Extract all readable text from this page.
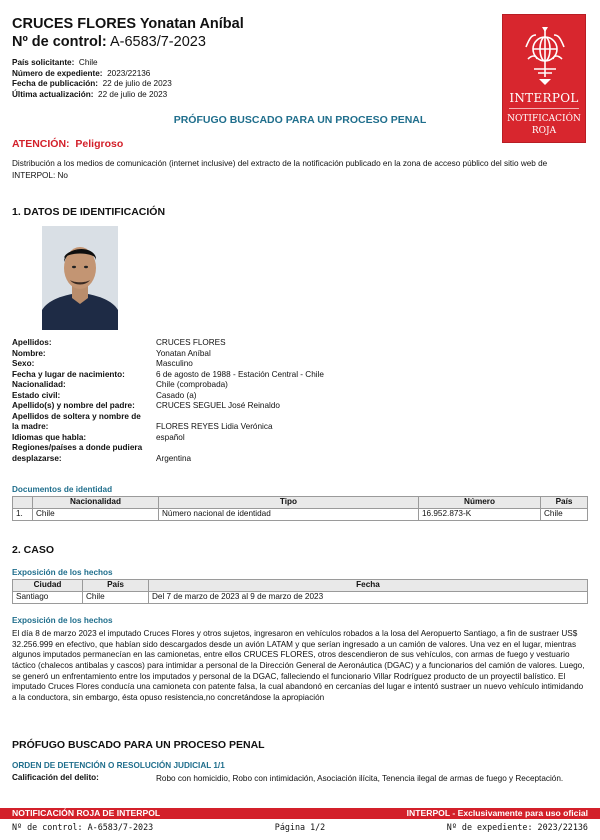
CRUCES FLORES Yonatan Aníbal
Nº de control: A-6583/7-2023
País solicitante: Chile
Número de expediente: 2023/22136
Fecha de publicación: 22 de julio de 2023
Última actualización: 22 de julio de 2023	INTERPOL
NOTIFICACIÓN
ROJA
PRÓFUGO BUSCADO PARA UN PROCESO PENAL
ATENCIÓN: Peligroso
Distribución a los medios de comunicación (internet inclusive) del extracto de la notificación publicado en la zona de acceso público del sitio web de INTERPOL: No
1. DATOS DE IDENTIFICACIÓN
Apellidos:	CRUCES FLORES
Nombre:	Yonatan Aníbal
Sexo:	Masculino
Fecha y lugar de nacimiento:	6 de agosto de 1988 - Estación Central - Chile
Nacionalidad:	Chile (comprobada)
Estado civil:	Casado (a)
Apellido(s) y nombre del padre:	CRUCES SEGUEL José Reinaldo
Apellidos de soltera y nombre de la madre:	FLORES REYES Lidia Verónica
Idiomas que habla:	español
Regiones/países a donde pudiera desplazarse:	Argentina
Documentos de identidad
	Nacionalidad	Tipo	Número	País
1.	Chile	Número nacional de identidad	16.952.873-K	Chile
2. CASO
Exposición de los hechos
Ciudad	País	Fecha
Santiago	Chile	Del 7 de marzo de 2023 al 9 de marzo de 2023
Exposición de los hechos
El día 8 de marzo 2023 el imputado Cruces Flores y otros sujetos, ingresaron en vehículos robados a la losa del Aeropuerto Santiago, a fin de sustraer US$ 32.256.999 en efectivo, que habían sido descargados desde un avión LATAM y que serían ingresado a un camión de valores. Una vez en el lugar, mientras algunos imputados permanecían en las camionetas, entre ellos CRUCES FLORES, otros descendieron de sus vehículos, con armas de fuego y vestuario táctico (chalecos antibalas y cascos) para intimidar a personal de la Dirección General de Aeronáutica (DGAC) y a funcionarios del camión de valores. Luego, se generó un enfrentamiento entre los imputados y personal de la DGAC, falleciendo el funcionario Villar Rodríguez producto de un proyectil balístico. El imputado Cruces Flores conducía una camioneta con patente falsa, la cual abandonó en cercanías del lugar e intentó sustraer un nuevo vehículo intimidando a la conductora, sin embargo, ésta opuso resistencia,no concretándose la apropiación
PRÓFUGO BUSCADO PARA UN PROCESO PENAL
ORDEN DE DETENCIÓN O RESOLUCIÓN JUDICIAL 1/1
Calificación del delito:	Robo con homicidio, Robo con intimidación, Asociación ilícita, Tenencia ilegal de armas de fuego y Receptación.
NOTIFICACIÓN ROJA DE INTERPOL	INTERPOL - Exclusivamente para uso oficial
Nº de control: A-6583/7-2023	Página 1/2	Nº de expediente: 2023/22136
